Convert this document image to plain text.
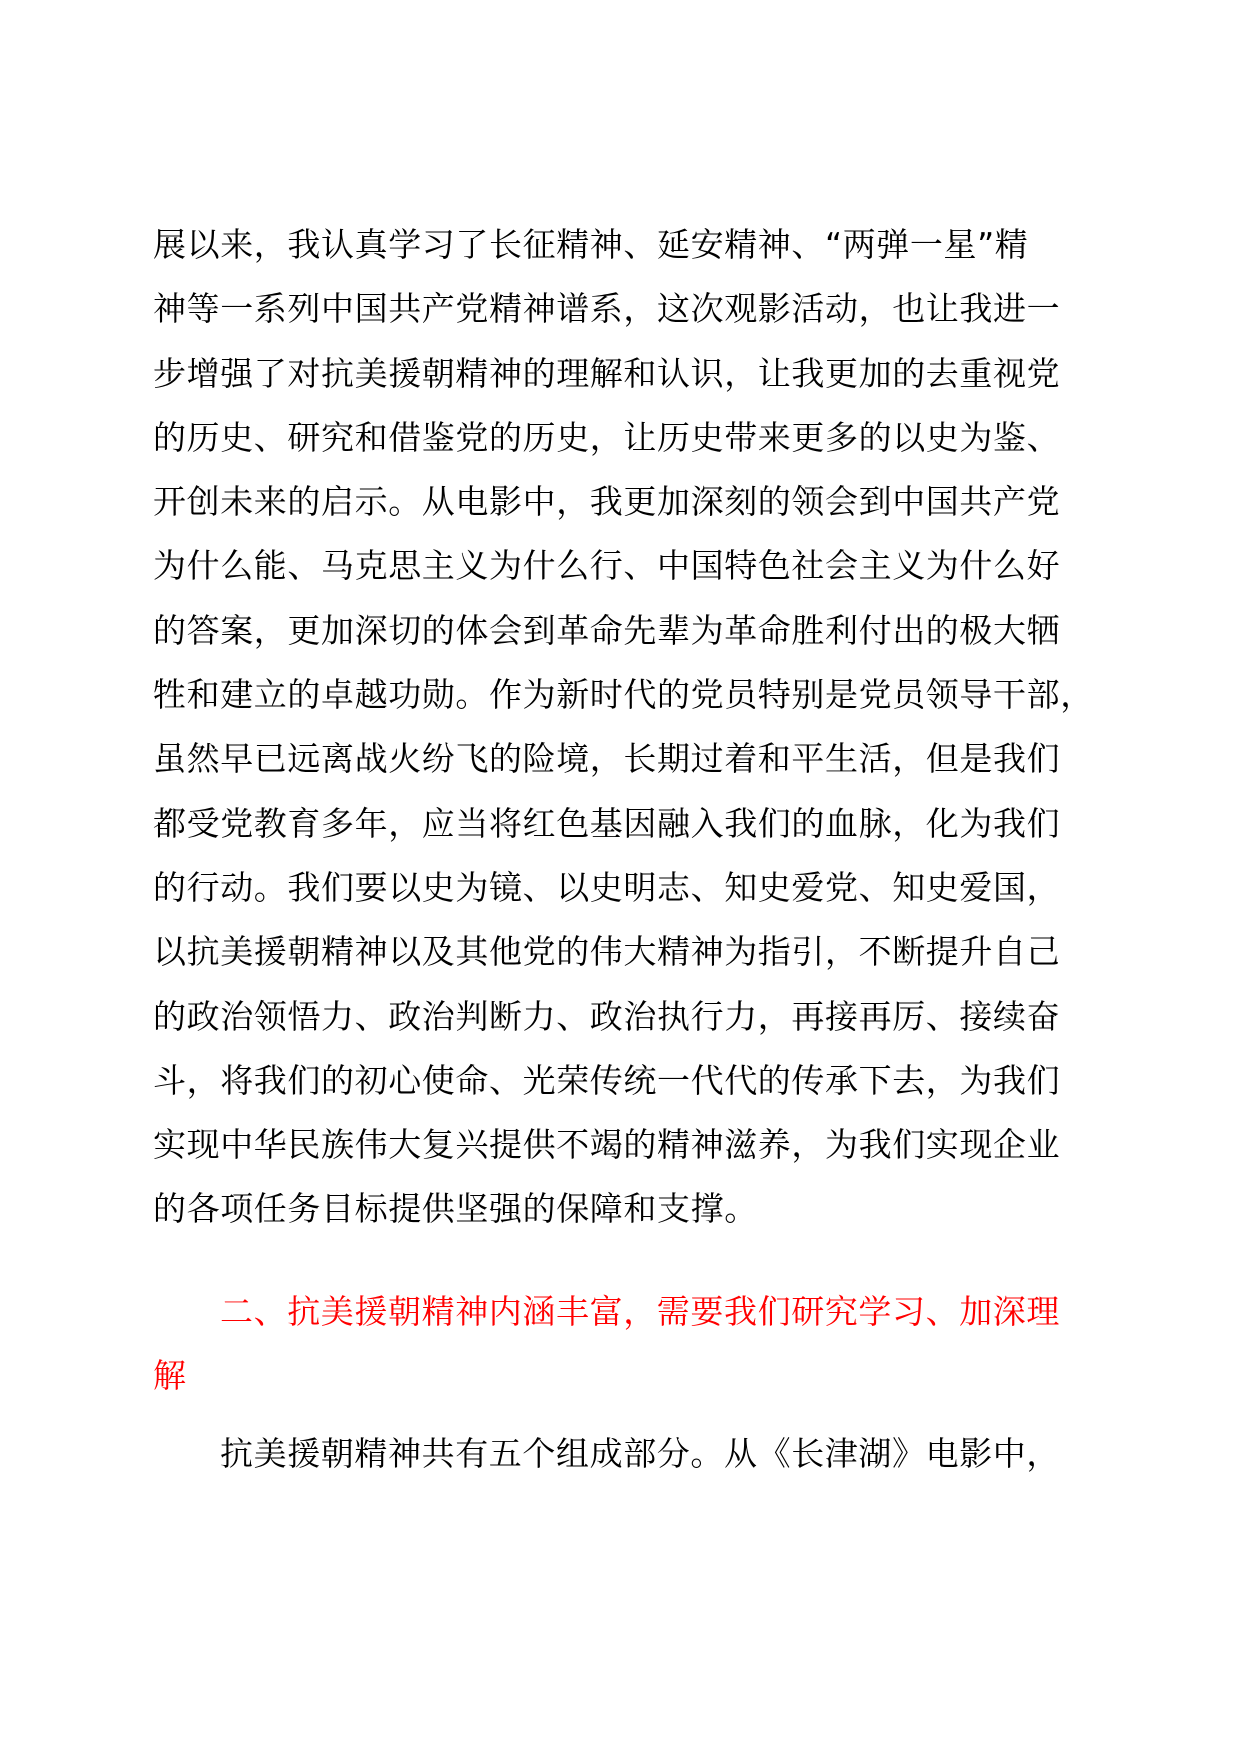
展以来，我认真学习了长征精神、延安精神、“两弹一星”精
神等一系列中国共产党精神谱系，这次观影活动，也让我进一
步增强了对抗美援朝精神的理解和认识，让我更加的去重视党
的历史、研究和借鉴党的历史，让历史带来更多的以史为鉴、
开创未来的启示。从电影中，我更加深刻的领会到中国共产党
为什么能、马克思主义为什么行、中国特色社会主义为什么好
的答案，更加深切的体会到革命先辈为革命胜利付出的极大牺
牲和建立的卓越功勋。作为新时代的党员特别是党员领导干部，
虽然早已远离战火纷飞的险境，长期过着和平生活，但是我们
都受党教育多年，应当将红色基因融入我们的血脉，化为我们
的行动。我们要以史为镜、以史明志、知史爱党、知史爱国，
以抗美援朝精神以及其他党的伟大精神为指引，不断提升自己
的政治领悟力、政治判断力、政治执行力，再接再厉、接续奋
斗，将我们的初心使命、光荣传统一代代的传承下去，为我们
实现中华民族伟大复兴提供不竭的精神滋养，为我们实现企业
的各项任务目标提供坚强的保障和支撑。
二、抗美援朝精神内涵丰富，需要我们研究学习、加深理
解
抗美援朝精神共有五个组成部分。从《长津湖》电影中，
